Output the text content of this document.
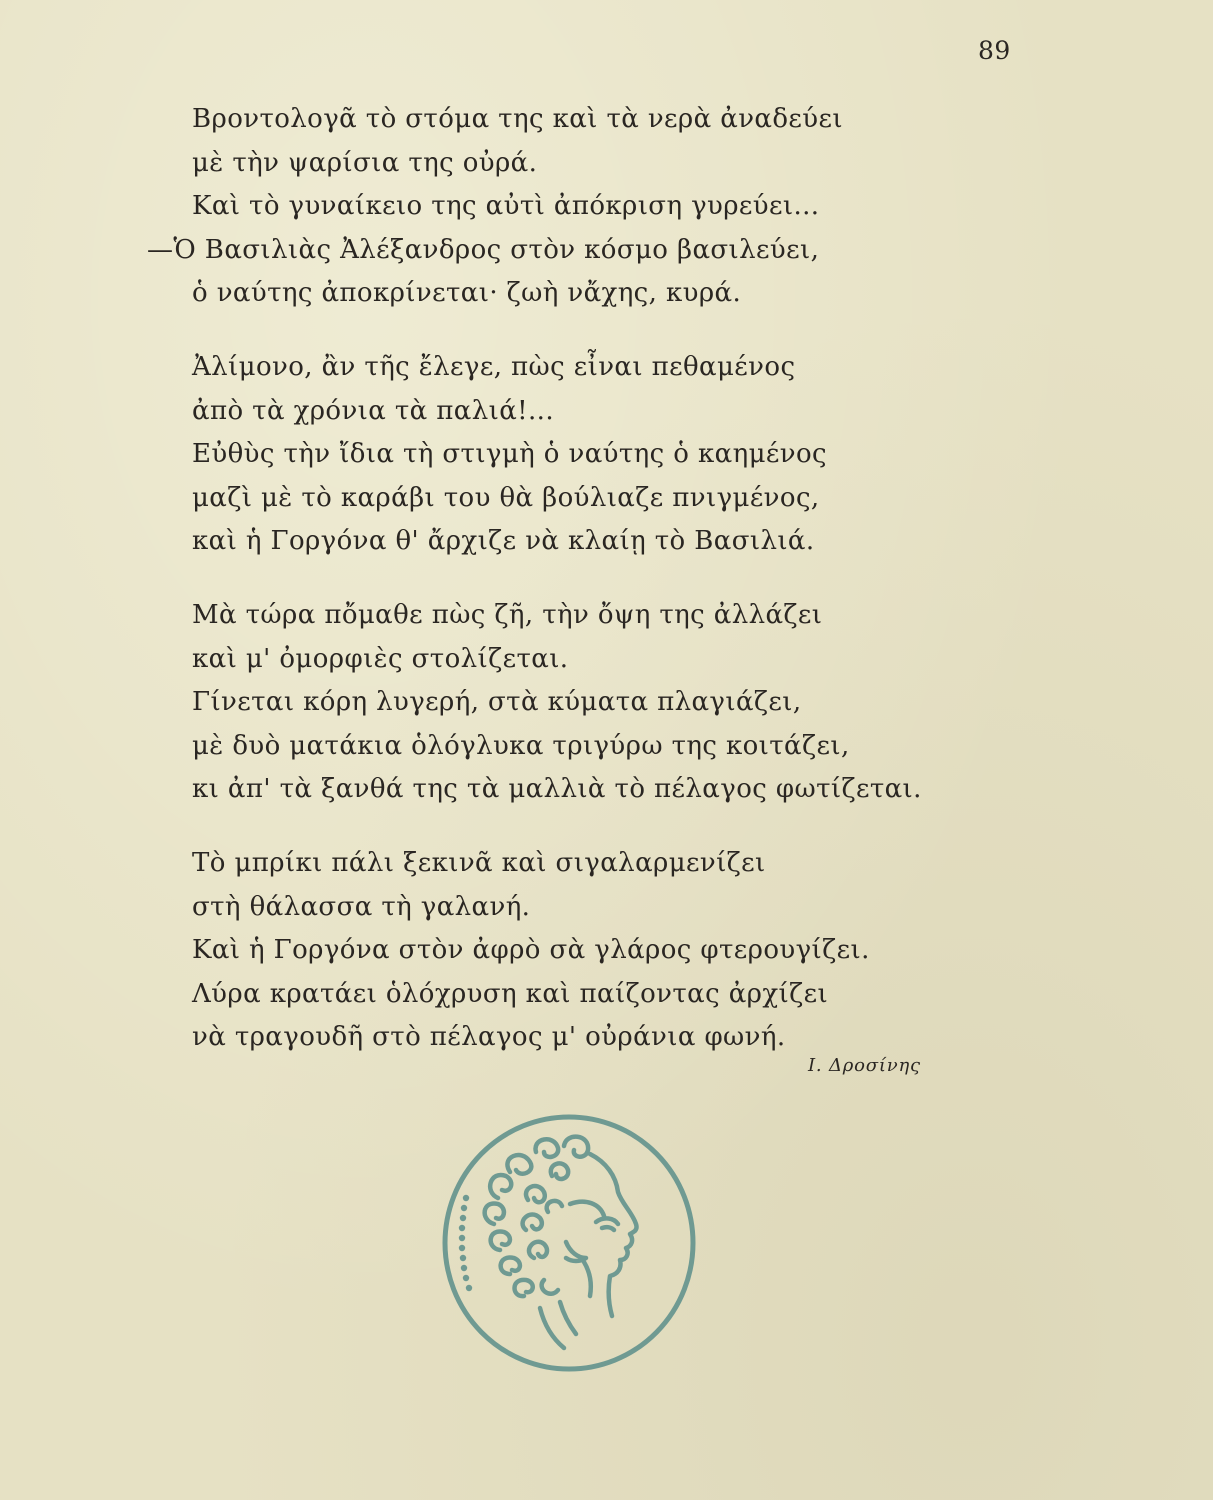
89
Βροντολογᾶ τὸ στόμα της καὶ τὰ νερὰ ἀναδεύει
μὲ τὴν ψαρίσια της οὐρά.
Καὶ τὸ γυναίκειο της αὐτὶ ἀπόκριση γυρεύει...
—Ὁ Βασιλιὰς Ἀλέξανδρος στὸν κόσμο βασιλεύει,
ὁ ναύτης ἀποκρίνεται· ζωὴ νἄχης, κυρά.
Ἀλίμονο, ἂν τῆς ἔλεγε, πὼς εἶναι πεθαμένος
ἀπὸ τὰ χρόνια τὰ παλιά!...
Εὐθὺς τὴν ἴδια τὴ στιγμὴ ὁ ναύτης ὁ καημένος
μαζὶ μὲ τὸ καράβι του θὰ βούλιαζε πνιγμένος,
καὶ ἡ Γοργόνα θ' ἄρχιζε νὰ κλαίῃ τὸ Βασιλιά.
Μὰ τώρα πὄμαθε πὼς ζῆ, τὴν ὄψη της ἀλλάζει
καὶ μ' ὀμορφιὲς στολίζεται.
Γίνεται κόρη λυγερή, στὰ κύματα πλαγιάζει,
μὲ δυὸ ματάκια ὁλόγλυκα τριγύρω της κοιτάζει,
κι ἀπ' τὰ ξανθά της τὰ μαλλιὰ τὸ πέλαγος φωτίζεται.
Τὸ μπρίκι πάλι ξεκινᾶ καὶ σιγαλαρμενίζει
στὴ θάλασσα τὴ γαλανή.
Καὶ ἡ Γοργόνα στὸν ἀφρὸ σὰ γλάρος φτερουγίζει.
Λύρα κρατάει ὁλόχρυση καὶ παίζοντας ἀρχίζει
νὰ τραγουδῆ στὸ πέλαγος μ' οὐράνια φωνή.
Ι. Δροσίνης
